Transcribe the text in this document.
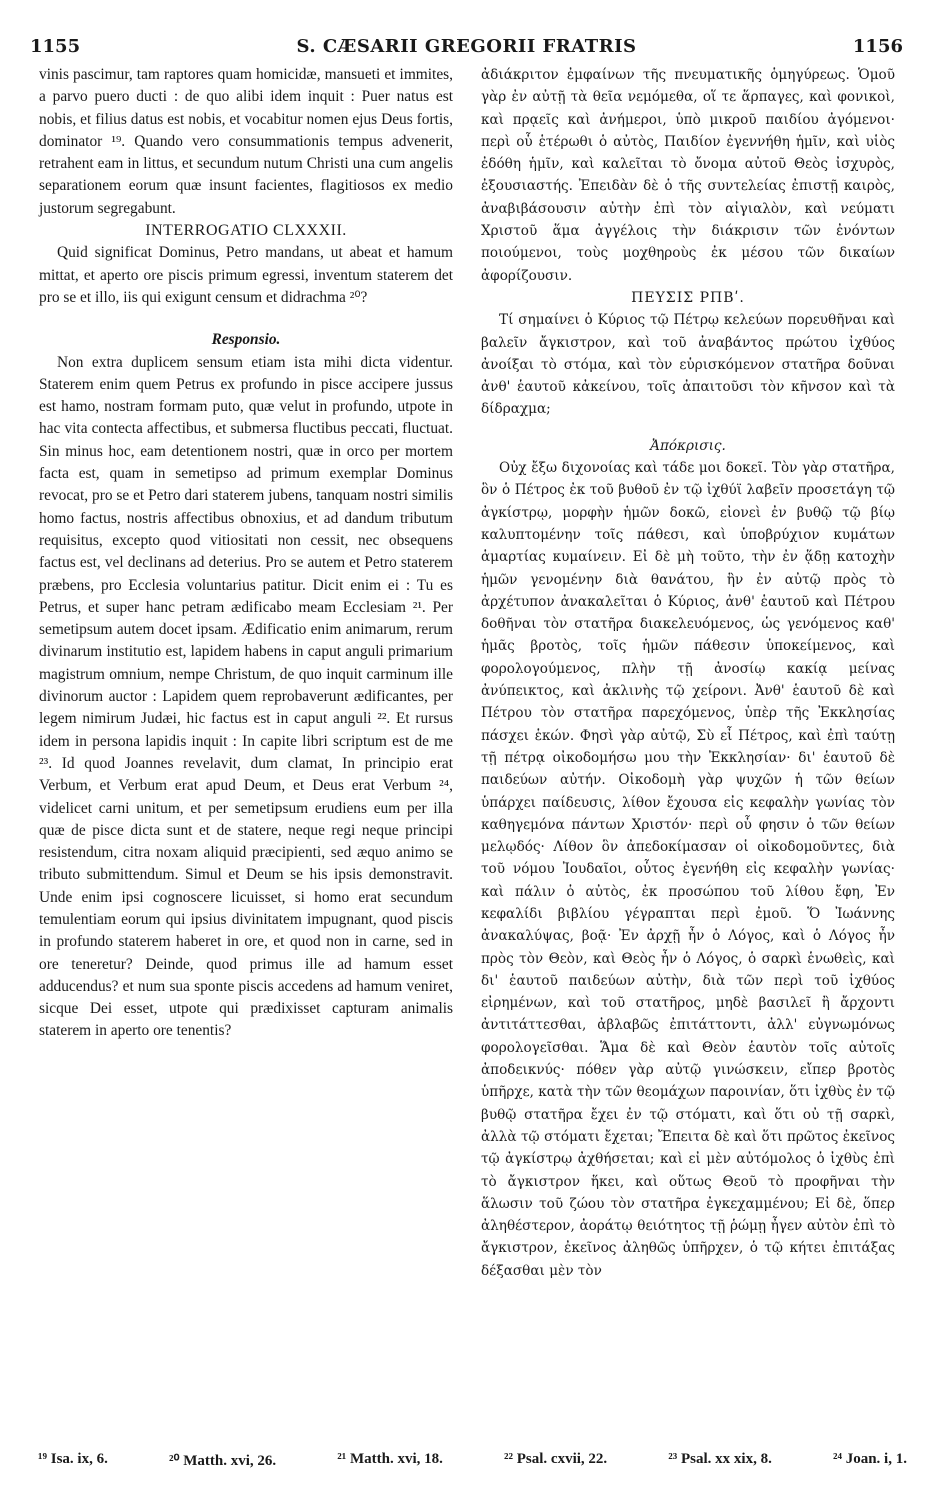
1155	S. CÆSARII GREGORII FRATRIS	1156

vinis pascimur, tam raptores quam homicidæ, mansueti et immites, a parvo puero ducti : de quo alibi idem inquit : Puer natus est nobis, et filius datus est nobis, et vocabitur nomen ejus Deus fortis, dominator ¹⁹. Quando vero consummationis tempus advenerit, retrahent eam in littus, et secundum nutum Christi una cum angelis separationem eorum quæ insunt facientes, flagitiosos ex medio justorum segregabunt.

INTERROGATIO CLXXXII.

Quid significat Dominus, Petro mandans, ut abeat et hamum mittat, et aperto ore piscis primum egressi, inventum staterem det pro se et illo, iis qui exigunt censum et didrachma ²⁰?

Responsio.

Non extra duplicem sensum etiam ista mihi dicta videntur. Staterem enim quem Petrus ex profundo in pisce accipere jussus est hamo, nostram formam puto, quæ velut in profundo, utpote in hac vita contecta affectibus, et submersa fluctibus peccati, fluctuat. Sin minus hoc, eam detentionem nostri, quæ in orco per mortem facta est, quam in semetipso ad primum exemplar Dominus revocat, pro se et Petro dari staterem jubens, tanquam nostri similis homo factus, nostris affectibus obnoxius, et ad dandum tributum requisitus, excepto quod vitiositati non cessit, nec obsequens factus est, vel declinans ad deterius. Pro se autem et Petro staterem præbens, pro Ecclesia voluntarius patitur. Dicit enim ei : Tu es Petrus, et super hanc petram ædificabo meam Ecclesiam ²¹. Per semetipsum autem docet ipsam. Ædificatio enim animarum, rerum divinarum institutio est, lapidem habens in caput anguli primarium magistrum omnium, nempe Christum, de quo inquit carminum ille divinorum auctor : Lapidem quem reprobaverunt ædificantes, per legem nimirum Judæi, hic factus est in caput anguli ²². Et rursus idem in persona lapidis inquit : In capite libri scriptum est de me ²³. Id quod Joannes revelavit, dum clamat, In principio erat Verbum, et Verbum erat apud Deum, et Deus erat Verbum ²⁴, videlicet carni unitum, et per semetipsum erudiens eum per illa quæ de pisce dicta sunt et de statere, neque regi neque principi resistendum, citra noxam aliquid præcipienti, sed æquo animo se tributo submittendum. Simul et Deum se his ipsis demonstravit. Unde enim ipsi cognoscere licuisset, si homo erat secundum temulentiam eorum qui ipsius divinitatem impugnant, quod piscis in profundo staterem haberet in ore, et quod non in carne, sed in ore teneretur? Deinde, quod primus ille ad hamum esset adducendus? et num sua sponte piscis accedens ad hamum veniret, sicque Dei esset, utpote qui prædixisset capturam animalis staterem in aperto ore tenentis?

ἀδιάκριτον ἐμφαίνων τῆς πνευματικῆς ὁμηγύρεως. Ὁμοῦ γὰρ ἐν αὐτῇ τὰ θεῖα νεμόμεθα, οἵ τε ἅρπαγες, καὶ φονικοὶ, καὶ πρᾳεῖς καὶ ἀνήμεροι, ὑπὸ μικροῦ παιδίου ἀγόμενοι· περὶ οὗ ἑτέρωθι ὁ αὐτὸς, Παιδίον ἐγεννήθη ἡμῖν, καὶ υἱὸς ἐδόθη ἡμῖν, καὶ καλεῖται τὸ ὄνομα αὐτοῦ Θεὸς ἰσχυρὸς, ἐξουσιαστής. Ἐπειδὰν δὲ ὁ τῆς συντελείας ἐπιστῇ καιρὸς, ἀναβιβάσουσιν αὐτὴν ἐπὶ τὸν αἰγιαλὸν, καὶ νεύματι Χριστοῦ ἅμα ἀγγέλοις τὴν διάκρισιν τῶν ἐνόντων ποιούμενοι, τοὺς μοχθηροὺς ἐκ μέσου τῶν δικαίων ἀφορίζουσιν.

ΠΕΥΣΙΣ ΡΠΒʹ.

Τί σημαίνει ὁ Κύριος τῷ Πέτρῳ κελεύων πορευθῆναι καὶ βαλεῖν ἄγκιστρον, καὶ τοῦ ἀναβάντος πρώτου ἰχθύος ἀνοίξαι τὸ στόμα, καὶ τὸν εὑρισκόμενον στατῆρα δοῦναι ἀνθ' ἑαυτοῦ κἀκείνου, τοῖς ἀπαιτοῦσι τὸν κῆνσον καὶ τὰ δίδραχμα;

Ἀπόκρισις.

Οὐχ ἔξω διχονοίας καὶ τάδε μοι δοκεῖ. Τὸν γὰρ στατῆρα, ὃν ὁ Πέτρος ἐκ τοῦ βυθοῦ ἐν τῷ ἰχθύϊ λαβεῖν προσετάγη τῷ ἀγκίστρῳ, μορφὴν ἡμῶν δοκῶ, εἰονεὶ ἐν βυθῷ τῷ βίῳ καλυπτομένην τοῖς πάθεσι, καὶ ὑποβρύχιον κυμάτων ἁμαρτίας κυμαίνειν. Εἰ δὲ μὴ τοῦτο, τὴν ἐν ᾅδῃ κατοχὴν ἡμῶν γενομένην διὰ θανάτου, ἣν ἐν αὐτῷ πρὸς τὸ ἀρχέτυπον ἀνακαλεῖται ὁ Κύριος, ἀνθ' ἑαυτοῦ καὶ Πέτρου δοθῆναι τὸν στατῆρα διακελευόμενος, ὡς γενόμενος καθ' ἡμᾶς βροτὸς, τοῖς ἡμῶν πάθεσιν ὑποκείμενος, καὶ φορολογούμενος, πλὴν τῇ ἀνοσίῳ κακίᾳ μείνας ἀνύπεικτος, καὶ ἀκλινὴς τῷ χείρονι. Ἀνθ' ἑαυτοῦ δὲ καὶ Πέτρου τὸν στατῆρα παρεχόμενος, ὑπὲρ τῆς Ἐκκλησίας πάσχει ἑκών. Φησὶ γὰρ αὐτῷ, Σὺ εἶ Πέτρος, καὶ ἐπὶ ταύτῃ τῇ πέτρᾳ οἰκοδομήσω μου τὴν Ἐκκλησίαν· δι' ἑαυτοῦ δὲ παιδεύων αὐτήν. Οἰκοδομὴ γὰρ ψυχῶν ἡ τῶν θείων ὑπάρχει παίδευσις, λίθον ἔχουσα εἰς κεφαλὴν γωνίας τὸν καθηγεμόνα πάντων Χριστόν· περὶ οὗ φησιν ὁ τῶν θείων μελῳδός· Λίθον ὃν ἀπεδοκίμασαν οἱ οἰκοδομοῦντες, διὰ τοῦ νόμου Ἰουδαῖοι, οὗτος ἐγενήθη εἰς κεφαλὴν γωνίας· καὶ πάλιν ὁ αὐτὸς, ἐκ προσώπου τοῦ λίθου ἔφη, Ἐν κεφαλίδι βιβλίου γέγραπται περὶ ἐμοῦ. Ὅ Ἰωάννης ἀνακαλύψας, βοᾷ· Ἐν ἀρχῇ ἦν ὁ Λόγος, καὶ ὁ Λόγος ἦν πρὸς τὸν Θεὸν, καὶ Θεὸς ἦν ὁ Λόγος, ὁ σαρκὶ ἑνωθεὶς, καὶ δι' ἑαυτοῦ παιδεύων αὐτὴν, διὰ τῶν περὶ τοῦ ἰχθύος εἰρημένων, καὶ τοῦ στατῆρος, μηδὲ βασιλεῖ ἢ ἄρχοντι ἀντιτάττεσθαι, ἀβλαβῶς ἐπιτάττοντι, ἀλλ' εὐγνωμόνως φορολογεῖσθαι. Ἅμα δὲ καὶ Θεὸν ἑαυτὸν τοῖς αὐτοῖς ἀποδεικνύς· πόθεν γὰρ αὐτῷ γινώσκειν, εἴπερ βροτὸς ὑπῆρχε, κατὰ τὴν τῶν θεομάχων παροινίαν, ὅτι ἰχθὺς ἐν τῷ βυθῷ στατῆρα ἔχει ἐν τῷ στόματι, καὶ ὅτι οὐ τῇ σαρκὶ, ἀλλὰ τῷ στόματι ἔχεται; Ἔπειτα δὲ καὶ ὅτι πρῶτος ἐκεῖνος τῷ ἀγκίστρῳ ἀχθήσεται; καὶ εἰ μὲν αὐτόμολος ὁ ἰχθὺς ἐπὶ τὸ ἄγκιστρον ἥκει, καὶ οὕτως Θεοῦ τὸ προφῆναι τὴν ἅλωσιν τοῦ ζώου τὸν στατῆρα ἐγκεχαμμένου; Εἰ δὲ, ὅπερ ἀληθέστερον, ἀοράτῳ θειότητος τῇ ῥώμῃ ἦγεν αὐτὸν ἐπὶ τὸ ἄγκιστρον, ἐκεῖνος ἀληθῶς ὑπῆρχεν, ὁ τῷ κήτει ἐπιτάξας δέξασθαι μὲν τὸν

¹⁹ Isa. ix, 6.	²⁰ Matth. xvi, 26.	²¹ Matth. xvi, 18.	²² Psal. cxvii, 22.	²³ Psal. xx xix, 8.	²⁴ Joan. i, 1.
